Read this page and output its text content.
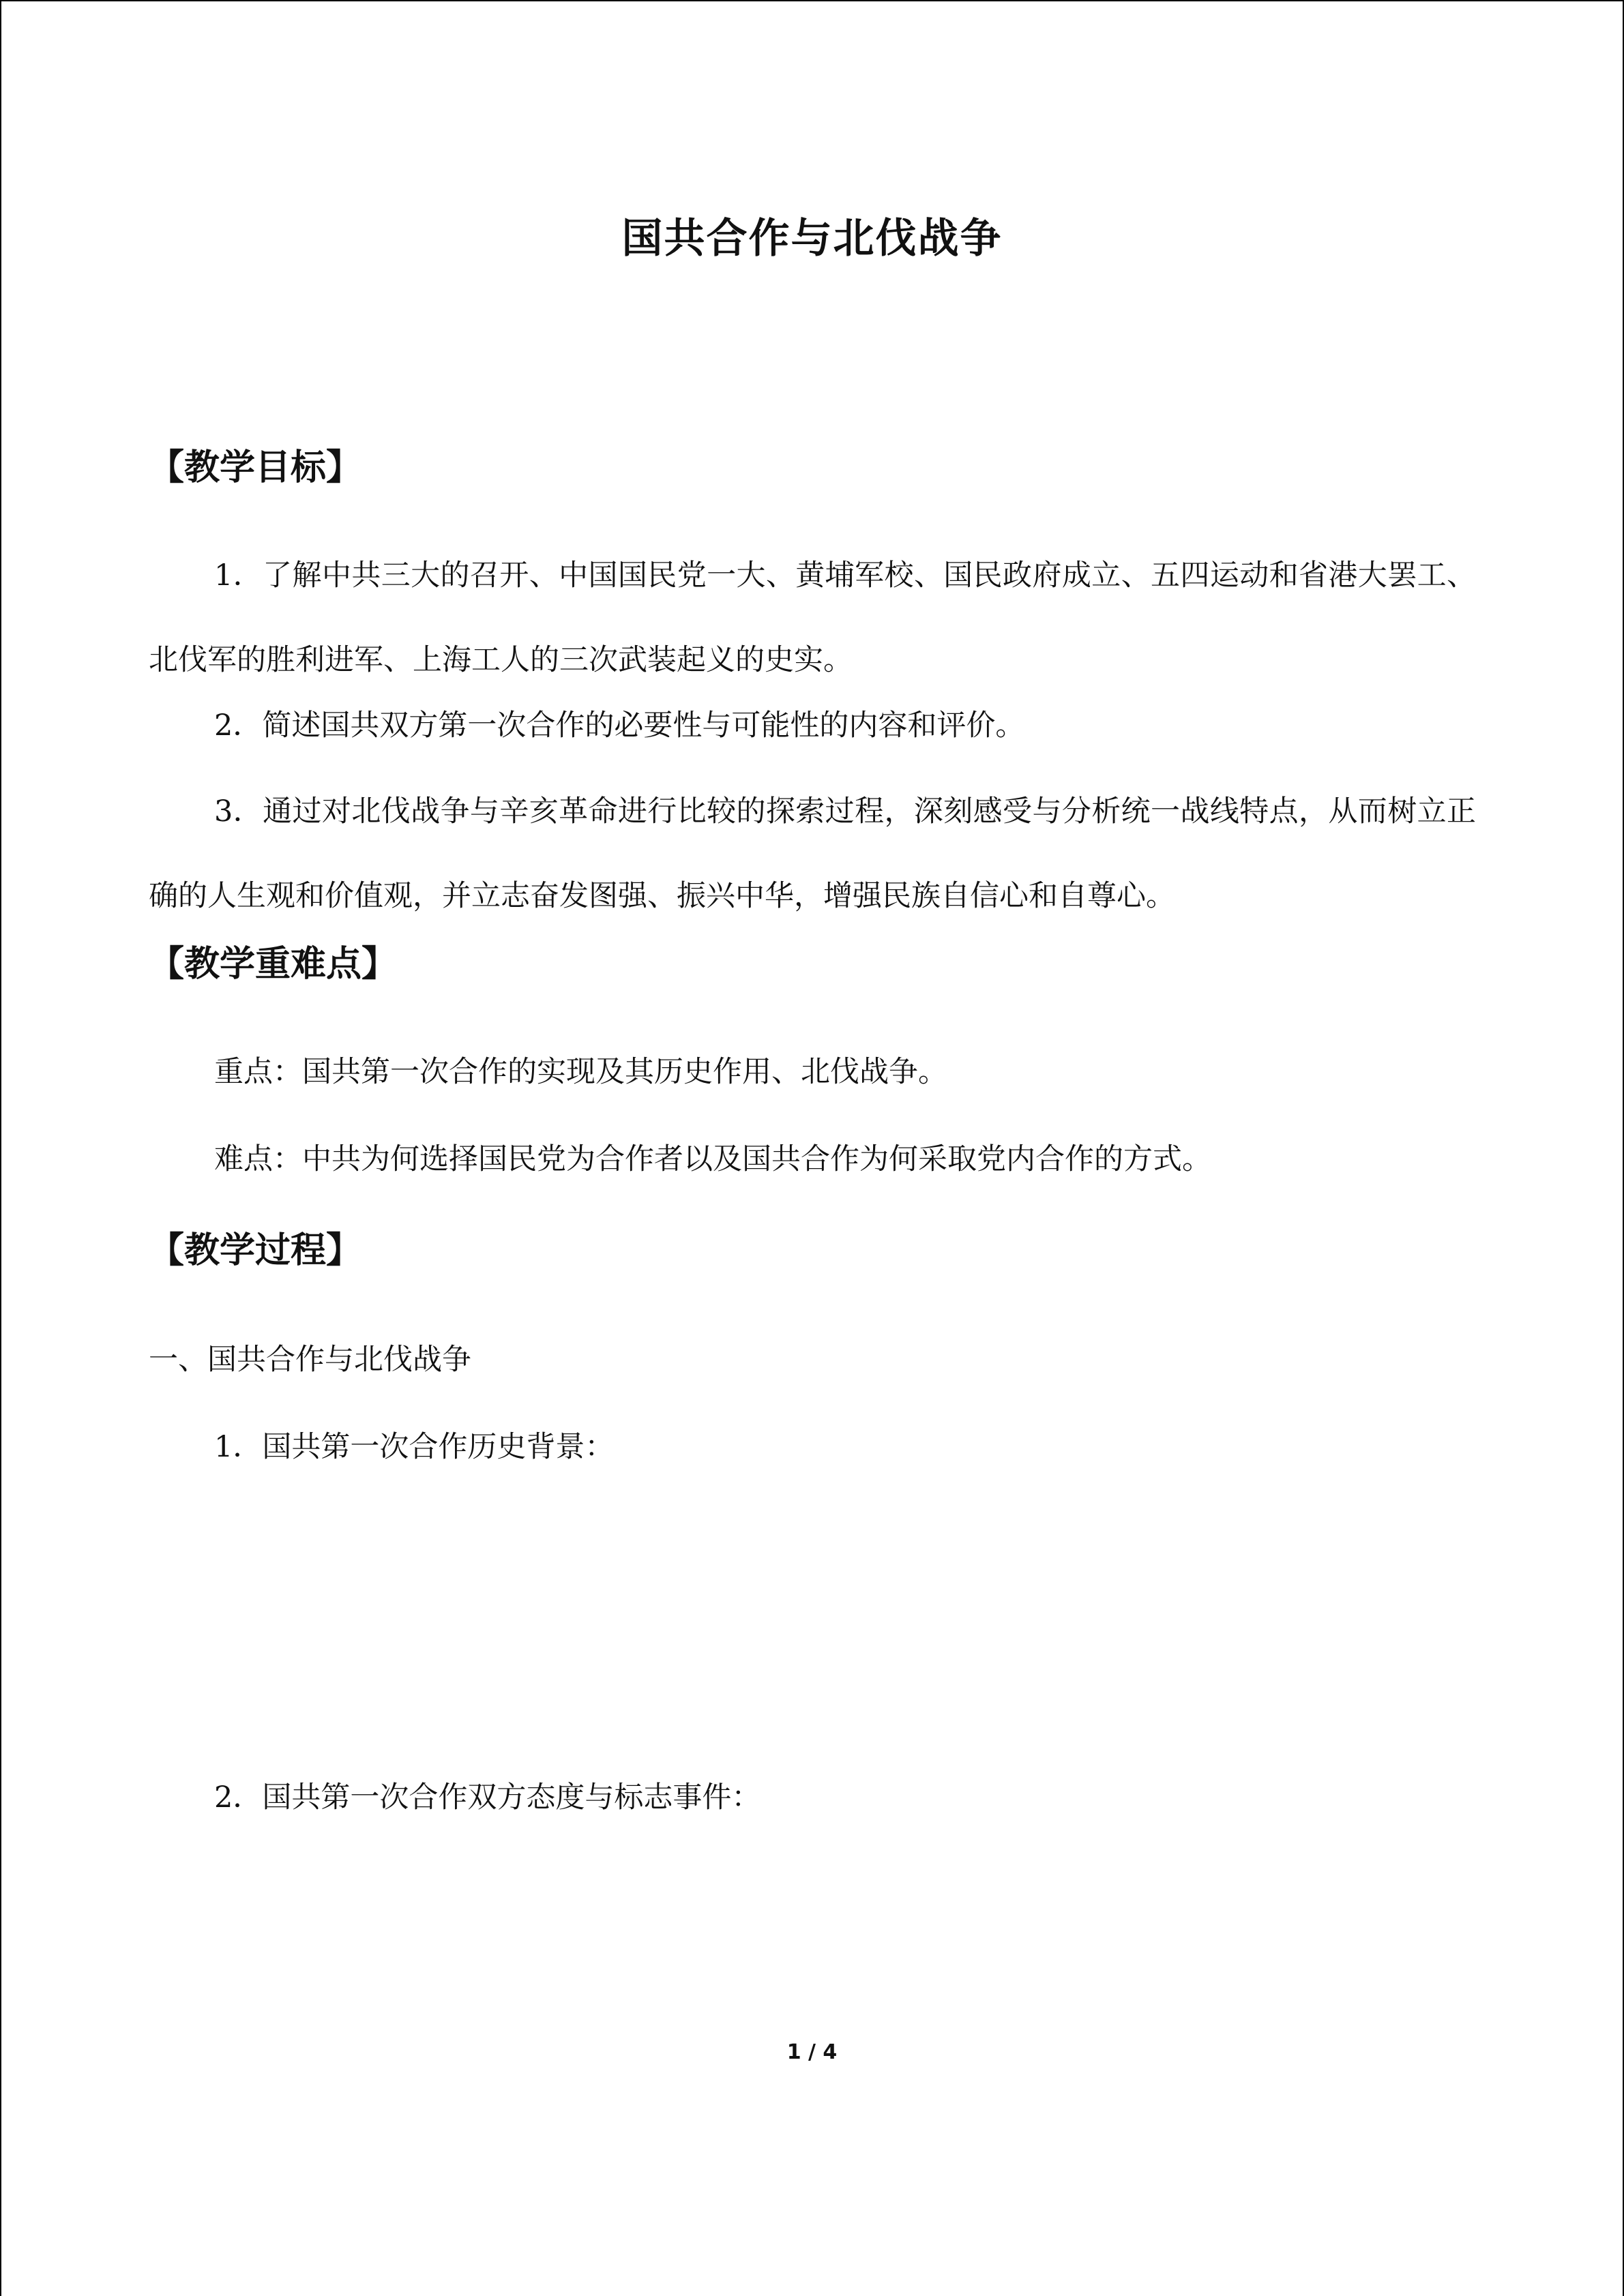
国共合作与北伐战争
【教学目标】
1．了解中共三大的召开、中国国民党一大、黄埔军校、国民政府成立、五四运动和省港大罢工、北伐军的胜利进军、上海工人的三次武装起义的史实。
2．简述国共双方第一次合作的必要性与可能性的内容和评价。
3．通过对北伐战争与辛亥革命进行比较的探索过程，深刻感受与分析统一战线特点，从而树立正确的人生观和价值观，并立志奋发图强、振兴中华，增强民族自信心和自尊心。
【教学重难点】
重点：国共第一次合作的实现及其历史作用、北伐战争。
难点：中共为何选择国民党为合作者以及国共合作为何采取党内合作的方式。
【教学过程】
一、国共合作与北伐战争
1．国共第一次合作历史背景：
2．国共第一次合作双方态度与标志事件：
1 / 4
